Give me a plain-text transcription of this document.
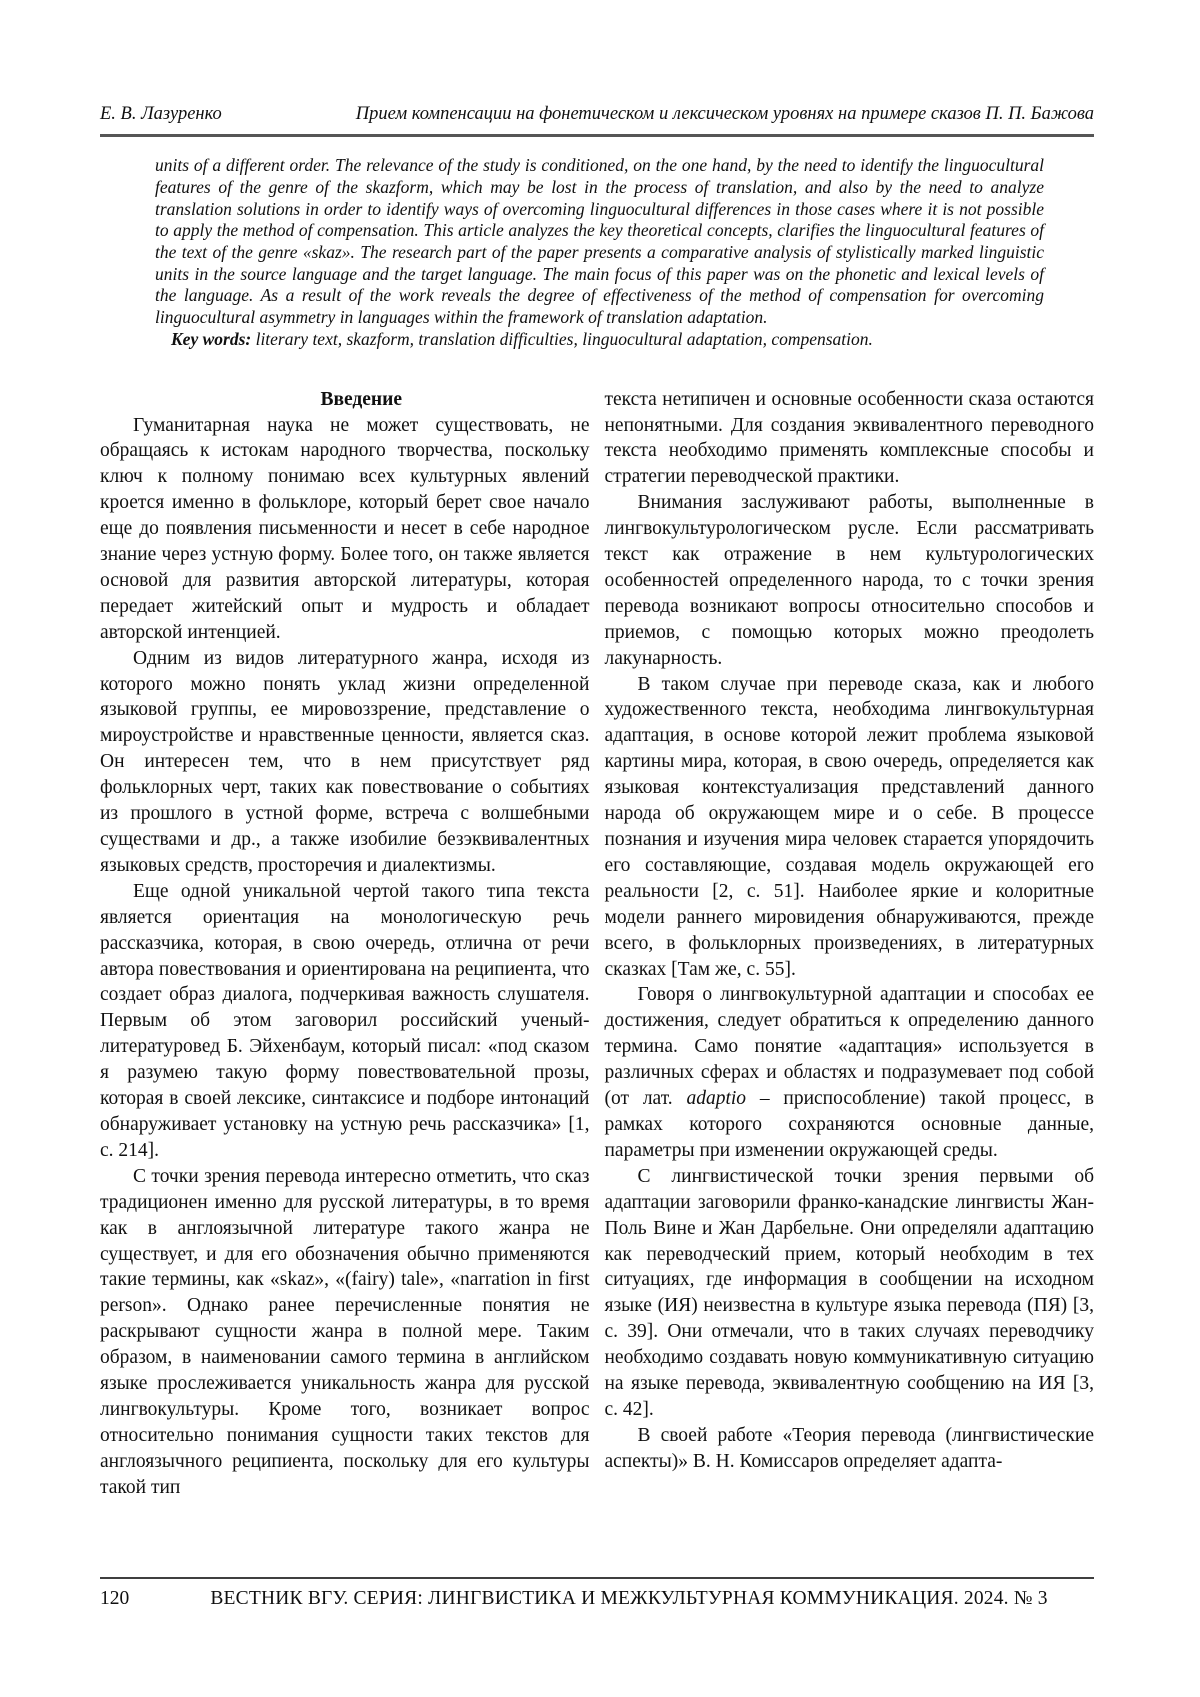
Е. В. Лазуренко	Прием компенсации на фонетическом и лексическом уровнях на примере сказов П. П. Бажова

units of a different order. The relevance of the study is conditioned, on the one hand, by the need to identify the linguocultural features of the genre of the skazform, which may be lost in the process of translation, and also by the need to analyze translation solutions in order to identify ways of overcoming linguocultural differences in those cases where it is not possible to apply the method of compensation. This article analyzes the key theoretical concepts, clarifies the linguocultural features of the text of the genre «skaz». The research part of the paper presents a comparative analysis of stylistically marked linguistic units in the source language and the target language. The main focus of this paper was on the phonetic and lexical levels of the language. As a result of the work reveals the degree of effectiveness of the method of compensation for overcoming linguocultural asymmetry in languages within the framework of translation adaptation.

Key words: literary text, skazform, translation difficulties, linguocultural adaptation, compensation.

Введение

Гуманитарная наука не может существовать, не обращаясь к истокам народного творчества, поскольку ключ к полному понимаю всех культурных явлений кроется именно в фольклоре, который берет свое начало еще до появления письменности и несет в себе народное знание через устную форму. Более того, он также является основой для развития авторской литературы, которая передает житейский опыт и мудрость и обладает авторской интенцией.

Одним из видов литературного жанра, исходя из которого можно понять уклад жизни определенной языковой группы, ее мировоззрение, представление о мироустройстве и нравственные ценности, является сказ. Он интересен тем, что в нем присутствует ряд фольклорных черт, таких как повествование о событиях из прошлого в устной форме, встреча с волшебными существами и др., а также изобилие безэквивалентных языковых средств, просторечия и диалектизмы.

Еще одной уникальной чертой такого типа текста является ориентация на монологическую речь рассказчика, которая, в свою очередь, отлична от речи автора повествования и ориентирована на реципиента, что создает образ диалога, подчеркивая важность слушателя. Первым об этом заговорил российский ученый-литературовед Б. Эйхенбаум, который писал: «под сказом я разумею такую форму повествовательной прозы, которая в своей лексике, синтаксисе и подборе интонаций обнаруживает установку на устную речь рассказчика» [1, с. 214].

С точки зрения перевода интересно отметить, что сказ традиционен именно для русской литературы, в то время как в англоязычной литературе такого жанра не существует, и для его обозначения обычно применяются такие термины, как «skaz», «(fairy) tale», «narration in first person». Однако ранее перечисленные понятия не раскрывают сущности жанра в полной мере. Таким образом, в наименовании самого термина в английском языке прослеживается уникальность жанра для русской лингвокультуры. Кроме того, возникает вопрос относительно понимания сущности таких текстов для англоязычного реципиента, поскольку для его культуры такой тип

текста нетипичен и основные особенности сказа остаются непонятными. Для создания эквивалентного переводного текста необходимо применять комплексные способы и стратегии переводческой практики.

Внимания заслуживают работы, выполненные в лингвокультурологическом русле. Если рассматривать текст как отражение в нем культурологических особенностей определенного народа, то с точки зрения перевода возникают вопросы относительно способов и приемов, с помощью которых можно преодолеть лакунарность.

В таком случае при переводе сказа, как и любого художественного текста, необходима лингвокультурная адаптация, в основе которой лежит проблема языковой картины мира, которая, в свою очередь, определяется как языковая контекстуализация представлений данного народа об окружающем мире и о себе. В процессе познания и изучения мира человек старается упорядочить его составляющие, создавая модель окружающей его реальности [2, с. 51]. Наиболее яркие и колоритные модели раннего мировидения обнаруживаются, прежде всего, в фольклорных произведениях, в литературных сказках [Там же, с. 55].

Говоря о лингвокультурной адаптации и способах ее достижения, следует обратиться к определению данного термина. Само понятие «адаптация» используется в различных сферах и областях и подразумевает под собой (от лат. adaptio – приспособление) такой процесс, в рамках которого сохраняются основные данные, параметры при изменении окружающей среды.

С лингвистической точки зрения первыми об адаптации заговорили франко-канадские лингвисты Жан-Поль Вине и Жан Дарбельне. Они определяли адаптацию как переводческий прием, который необходим в тех ситуациях, где информация в сообщении на исходном языке (ИЯ) неизвестна в культуре языка перевода (ПЯ) [3, с. 39]. Они отмечали, что в таких случаях переводчику необходимо создавать новую коммуникативную ситуацию на языке перевода, эквивалентную сообщению на ИЯ [3, с. 42].

В своей работе «Теория перевода (лингвистические аспекты)» В. Н. Комиссаров определяет адапта-

120	ВЕСТНИК ВГУ. СЕРИЯ: ЛИНГВИСТИКА И МЕЖКУЛЬТУРНАЯ КОММУНИКАЦИЯ. 2024. № 3
